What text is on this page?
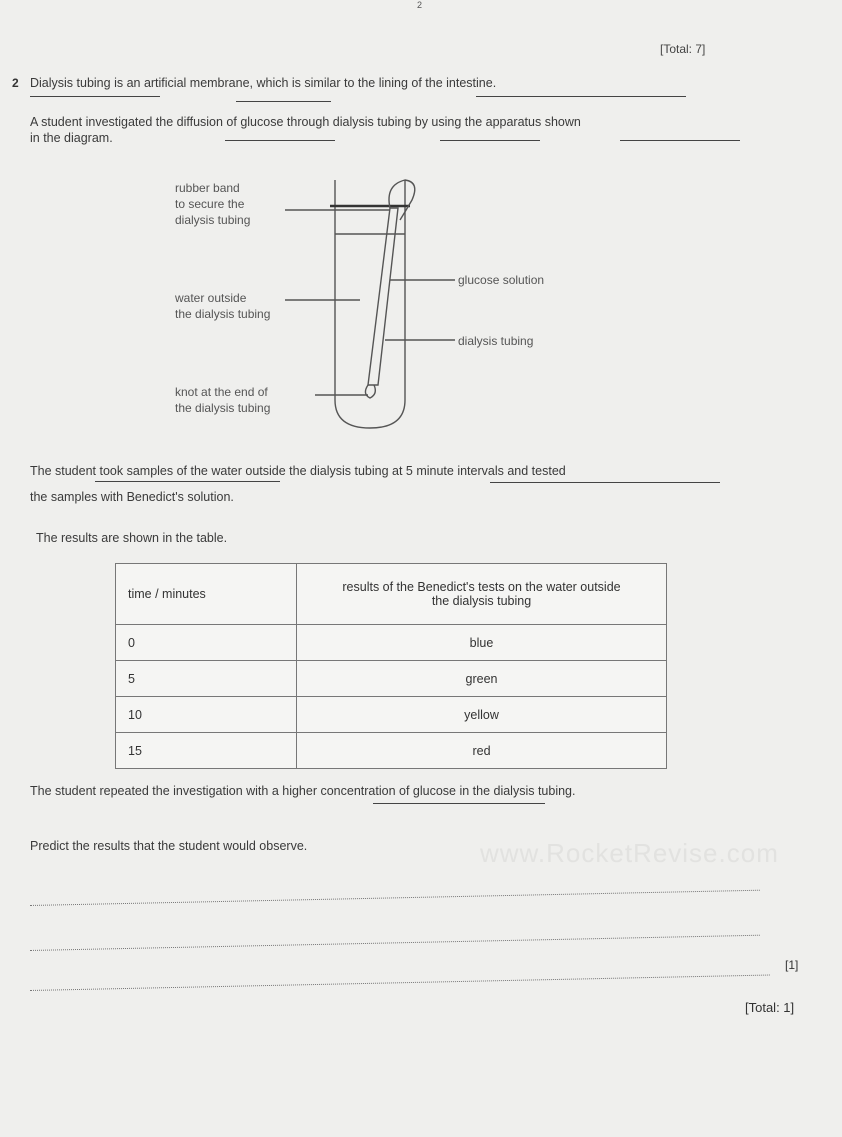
2
[Total: 7]
2 Dialysis tubing is an artificial membrane, which is similar to the lining of the intestine.
A student investigated the diffusion of glucose through dialysis tubing by using the apparatus shown
in the diagram.
rubber band
to secure the
dialysis tubing
water outside
the dialysis tubing
knot at the end of
the dialysis tubing
glucose solution
dialysis tubing
The student took samples of the water outside the dialysis tubing at 5 minute intervals and tested
the samples with Benedict's solution.
The results are shown in the table.
time / minutes	results of the Benedict's tests on the water outside
the dialysis tubing

0	blue
5	green
10	yellow
15	red
The student repeated the investigation with a higher concentration of glucose in the dialysis tubing.
Predict the results that the student would observe.	www.RocketRevise.com
[1]
[Total: 1]
